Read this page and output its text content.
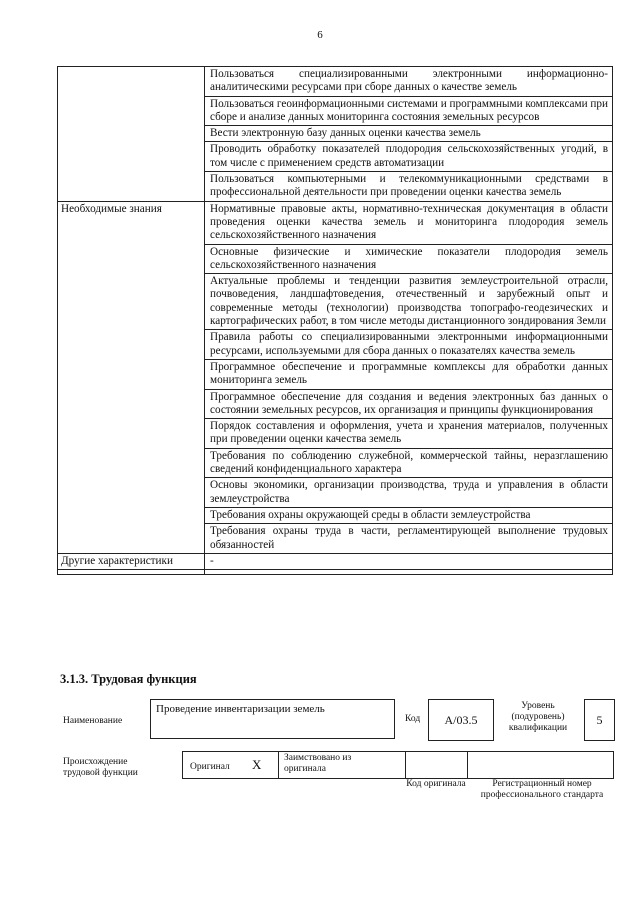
6
	Пользоваться специализированными электронными информационно-аналитическими ресурсами при сборе данных о качестве земель
	Пользоваться геоинформационными системами и программными комплексами при сборе и анализе данных мониторинга состояния земельных ресурсов
	Вести электронную базу данных оценки качества земель
	Проводить обработку показателей плодородия сельскохозяйственных угодий, в том числе с применением средств автоматизации
	Пользоваться компьютерными и телекоммуникационными средствами в профессиональной деятельности при проведении оценки качества земель
Необходимые знания	Нормативные правовые акты, нормативно-техническая документация в области проведения оценки качества земель и мониторинга плодородия земель сельскохозяйственного назначения
	Основные физические и химические показатели плодородия земель сельскохозяйственного назначения
	Актуальные проблемы и тенденции развития землеустроительной отрасли, почвоведения, ландшафтоведения, отечественный и зарубежный опыт и современные методы (технологии) производства топографо-геодезических и картографических работ, в том числе методы дистанционного зондирования Земли
	Правила работы со специализированными электронными информационными ресурсами, используемыми для сбора данных о показателях качества земель
	Программное обеспечение и программные комплексы для обработки данных мониторинга земель
	Программное обеспечение для создания и ведения электронных баз данных о состоянии земельных ресурсов, их организация и принципы функционирования
	Порядок составления и оформления, учета и хранения материалов, полученных при проведении оценки качества земель
	Требования по соблюдению служебной, коммерческой тайны, неразглашению сведений конфиденциального характера
	Основы экономики, организации производства, труда и управления в области землеустройства
	Требования охраны окружающей среды в области землеустройства
	Требования охраны труда в части, регламентирующей выполнение трудовых обязанностей
Другие характеристики	-

3.1.3. Трудовая функция
Наименование
Проведение инвентаризации земель
Код	А/03.5
Уровень (подуровень) квалификации
5
Происхождение трудовой функции
Оригинал X Заимствовано из оригинала
Код оригинала	Регистрационный номер профессионального стандарта
